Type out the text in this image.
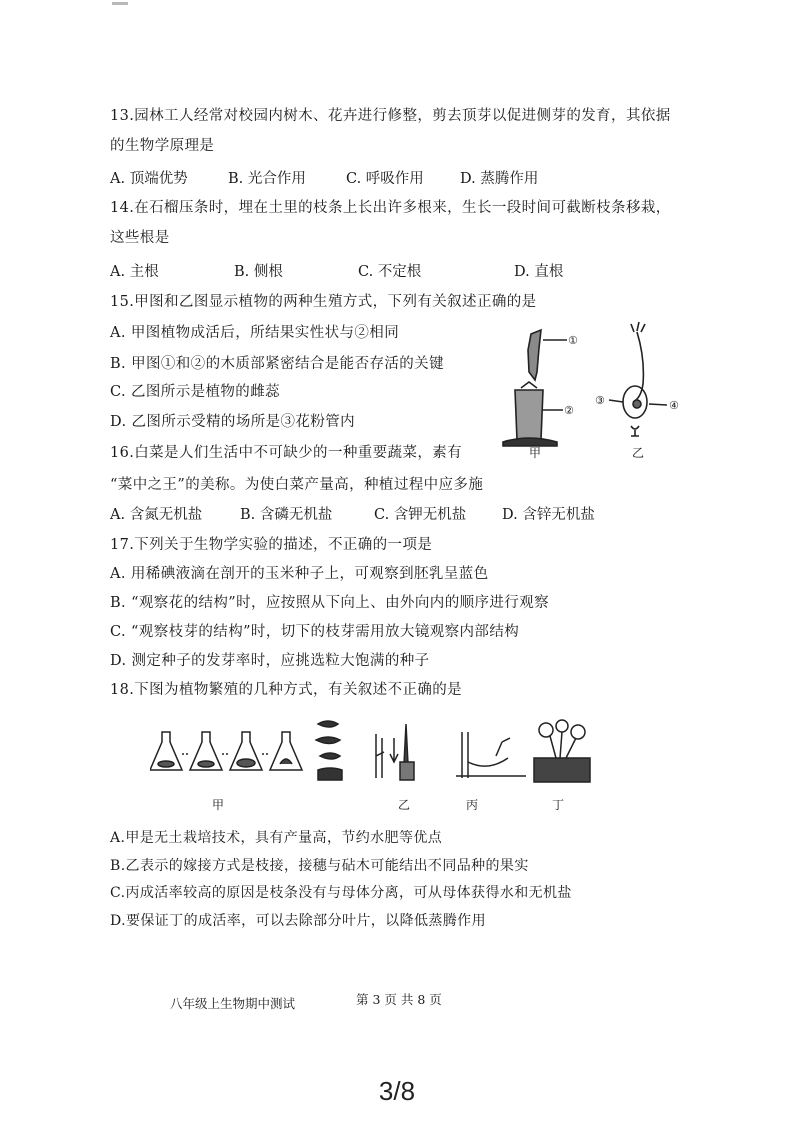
13.园林工人经常对校园内树木、花卉进行修整，剪去顶芽以促进侧芽的发育，其依据
的生物学原理是
A. 顶端优势	B. 光合作用	C. 呼吸作用 D. 蒸腾作用
14.在石榴压条时，埋在土里的枝条上长出许多根来，生长一段时间可截断枝条移栽，
这些根是
A. 主根	B. 侧根	C. 不定根	D. 直根
15.甲图和乙图显示植物的两种生殖方式，下列有关叙述正确的是
A. 甲图植物成活后，所结果实性状与②相同
B. 甲图①和②的木质部紧密结合是能否存活的关键
C. 乙图所示是植物的雌蕊
D. 乙图所示受精的场所是③花粉管内
①
②
③	④
甲	乙
16.白菜是人们生活中不可缺少的一种重要蔬菜，素有
“菜中之王”的美称。为使白菜产量高，种植过程中应多施
A. 含氮无机盐	B. 含磷无机盐	C. 含钾无机盐 D. 含锌无机盐
17.下列关于生物学实验的描述，不正确的一项是
A. 用稀碘液滴在剖开的玉米种子上，可观察到胚乳呈蓝色
B. “观察花的结构”时，应按照从下向上、由外向内的顺序进行观察
C. “观察枝芽的结构”时，切下的枝芽需用放大镜观察内部结构
D. 测定种子的发芽率时，应挑选粒大饱满的种子
18.下图为植物繁殖的几种方式，有关叙述不正确的是
甲	乙	丙	丁
A.甲是无土栽培技术，具有产量高，节约水肥等优点
B.乙表示的嫁接方式是枝接，接穗与砧木可能结出不同品种的果实
C.丙成活率较高的原因是枝条没有与母体分离，可从母体获得水和无机盐
D.要保证丁的成活率，可以去除部分叶片，以降低蒸腾作用
八年级上生物期中测试	第 3 页 共 8 页
3/8
